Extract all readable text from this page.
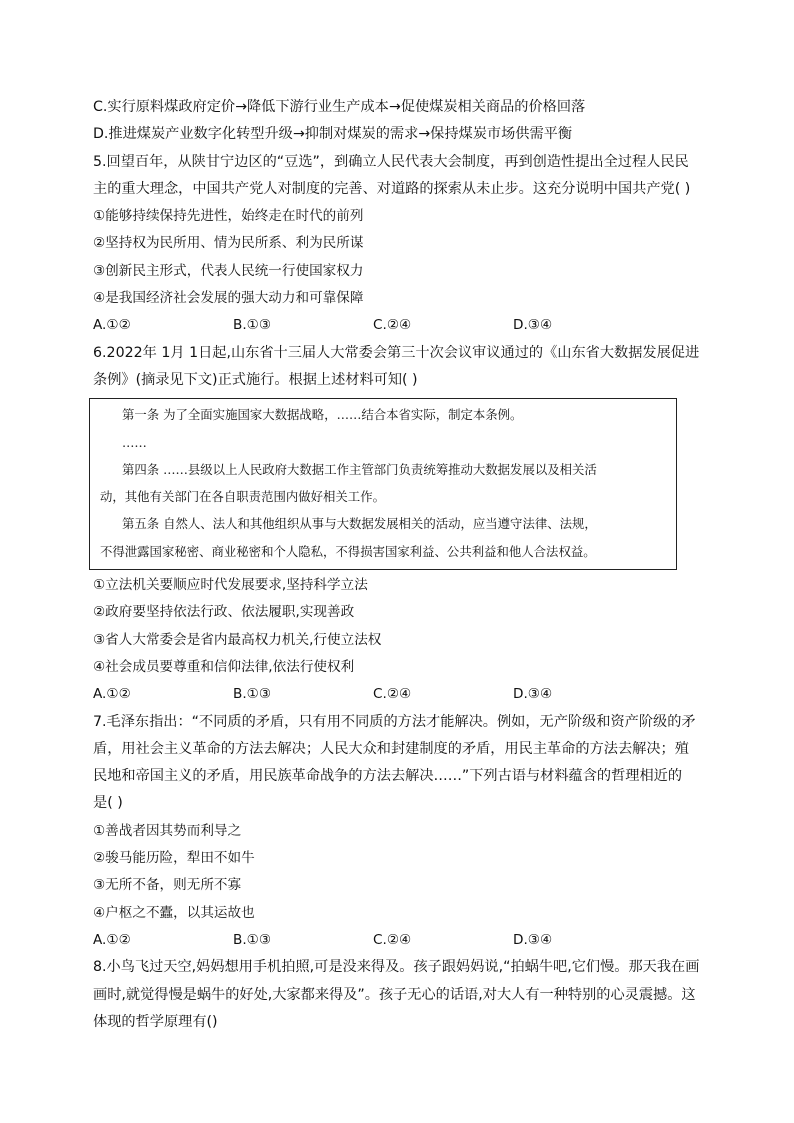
C.实行原料煤政府定价→降低下游行业生产成本→促使煤炭相关商品的价格回落
D.推进煤炭产业数字化转型升级→抑制对煤炭的需求→保持煤炭市场供需平衡
5.回望百年，从陕甘宁边区的“豆选”，到确立人民代表大会制度，再到创造性提出全过程人民民
主的重大理念，中国共产党人对制度的完善、对道路的探索从未止步。这充分说明中国共产党( )
①能够持续保持先进性，始终走在时代的前列
②坚持权为民所用、情为民所系、利为民所谋
③创新民主形式，代表人民统一行使国家权力
④是我国经济社会发展的强大动力和可靠保障
A.①②	B.①③	C.②④	D.③④
6.2022年 1月 1日起,山东省十三届人大常委会第三十次会议审议通过的《山东省大数据发展促进
条例》(摘录见下文)正式施行。根据上述材料可知( )
第一条 为了全面实施国家大数据战略，……结合本省实际，制定本条例。
……
第四条 ……县级以上人民政府大数据工作主管部门负责统筹推动大数据发展以及相关活
动，其他有关部门在各自职责范围内做好相关工作。
第五条 自然人、法人和其他组织从事与大数据发展相关的活动，应当遵守法律、法规，
不得泄露国家秘密、商业秘密和个人隐私，不得损害国家利益、公共利益和他人合法权益。
①立法机关要顺应时代发展要求,坚持科学立法
②政府要坚持依法行政、依法履职,实现善政
③省人大常委会是省内最高权力机关,行使立法权
④社会成员要尊重和信仰法律,依法行使权利
A.①②	B.①③	C.②④	D.③④
7.毛泽东指出：“不同质的矛盾，只有用不同质的方法才能解决。例如，无产阶级和资产阶级的矛
盾，用社会主义革命的方法去解决；人民大众和封建制度的矛盾，用民主革命的方法去解决；殖
民地和帝国主义的矛盾，用民族革命战争的方法去解决……”下列古语与材料蕴含的哲理相近的
是( )
①善战者因其势而利导之
②骏马能历险，犁田不如牛
③无所不备，则无所不寡
④户枢之不蠹，以其运故也
A.①②	B.①③	C.②④	D.③④
8.小鸟飞过天空,妈妈想用手机拍照,可是没来得及。孩子跟妈妈说,“拍蜗牛吧,它们慢。那天我在画
画时,就觉得慢是蜗牛的好处,大家都来得及”。孩子无心的话语,对大人有一种特别的心灵震撼。这
体现的哲学原理有()
